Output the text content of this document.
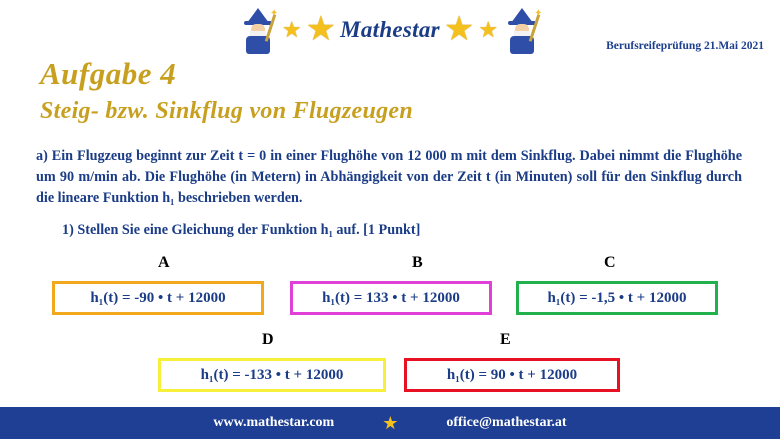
✦
★ ★ Mathestar ★ ★
✦
Berufsreifeprüfung 21.Mai 2021
Aufgabe 4
Steig- bzw. Sinkflug von Flugzeugen
a) Ein Flugzeug beginnt zur Zeit t = 0 in einer Flughöhe von 12 000 m mit dem Sinkflug. Dabei nimmt die Flughöhe um 90 m/min ab. Die Flughöhe (in Metern) in Abhängigkeit von der Zeit t (in Minuten) soll für den Sinkflug durch die lineare Funktion h₁ beschrieben werden.
1) Stellen Sie eine Gleichung der Funktion h₁ auf. [1 Punkt]
A	B	C
D	E
h₁(t) = -90 • t + 12000	h₁(t) = 133 • t + 12000	h₁(t) = -1,5 • t + 12000
h₁(t) = -133 • t + 12000	h₁(t) = 90 • t + 12000
www.mathestar.com	★	office@mathestar.at
